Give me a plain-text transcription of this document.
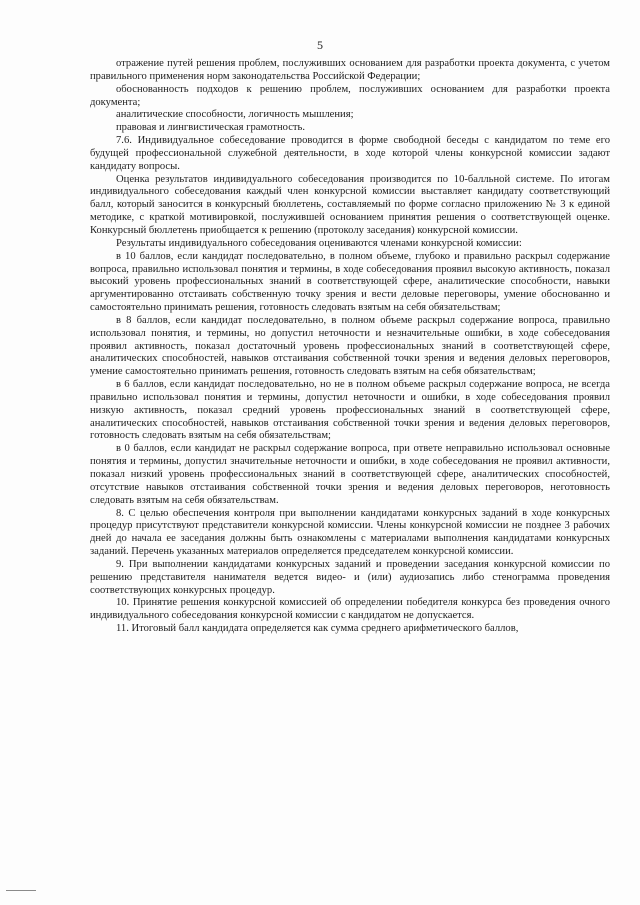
5

отражение путей решения проблем, послуживших основанием для разработки проекта документа, с учетом правильного применения норм законодательства Российской Федерации;

обоснованность подходов к решению проблем, послуживших основанием для разработки проекта документа;

аналитические способности, логичность мышления;

правовая и лингвистическая грамотность.

7.6. Индивидуальное собеседование проводится в форме свободной беседы с кандидатом по теме его будущей профессиональной служебной деятельности, в ходе которой члены конкурсной комиссии задают кандидату вопросы.

Оценка результатов индивидуального собеседования производится по 10-балльной системе. По итогам индивидуального собеседования каждый член конкурсной комиссии выставляет кандидату соответствующий балл, который заносится в конкурсный бюллетень, составляемый по форме согласно приложению № 3 к единой методике, с краткой мотивировкой, послужившей основанием принятия решения о соответствующей оценке. Конкурсный бюллетень приобщается к решению (протоколу заседания) конкурсной комиссии.

Результаты индивидуального собеседования оцениваются членами конкурсной комиссии:

в 10 баллов, если кандидат последовательно, в полном объеме, глубоко и правильно раскрыл содержание вопроса, правильно использовал понятия и термины, в ходе собеседования проявил высокую активность, показал высокий уровень профессиональных знаний в соответствующей сфере, аналитические способности, навыки аргументированно отстаивать собственную точку зрения и вести деловые переговоры, умение обоснованно и самостоятельно принимать решения, готовность следовать взятым на себя обязательствам;

в 8 баллов, если кандидат последовательно, в полном объеме раскрыл содержание вопроса, правильно использовал понятия, и термины, но допустил неточности и незначительные ошибки, в ходе собеседования проявил активность, показал достаточный уровень профессиональных знаний в соответствующей сфере, аналитических способностей, навыков отстаивания собственной точки зрения и ведения деловых переговоров, умение самостоятельно принимать решения, готовность следовать взятым на себя обязательствам;

в 6 баллов, если кандидат последовательно, но не в полном объеме раскрыл содержание вопроса, не всегда правильно использовал понятия и термины, допустил неточности и ошибки, в ходе собеседования проявил низкую активность, показал средний уровень профессиональных знаний в соответствующей сфере, аналитических способностей, навыков отстаивания собственной точки зрения и ведения деловых переговоров, готовность следовать взятым на себя обязательствам;

в 0 баллов, если кандидат не раскрыл содержание вопроса, при ответе неправильно использовал основные понятия и термины, допустил значительные неточности и ошибки, в ходе собеседования не проявил активности, показал низкий уровень профессиональных знаний в соответствующей сфере, аналитических способностей, отсутствие навыков отстаивания собственной точки зрения и ведения деловых переговоров, неготовность следовать взятым на себя обязательствам.

8. С целью обеспечения контроля при выполнении кандидатами конкурсных заданий в ходе конкурсных процедур присутствуют представители конкурсной комиссии. Члены конкурсной комиссии не позднее 3 рабочих дней до начала ее заседания должны быть ознакомлены с материалами выполнения кандидатами конкурсных заданий. Перечень указанных материалов определяется председателем конкурсной комиссии.

9. При выполнении кандидатами конкурсных заданий и проведении заседания конкурсной комиссии по решению представителя нанимателя ведется видео- и (или) аудиозапись либо стенограмма проведения соответствующих конкурсных процедур.

10. Принятие решения конкурсной комиссией об определении победителя конкурса без проведения очного индивидуального собеседования конкурсной комиссии с кандидатом не допускается.

11. Итоговый балл кандидата определяется как сумма среднего арифметического баллов,
